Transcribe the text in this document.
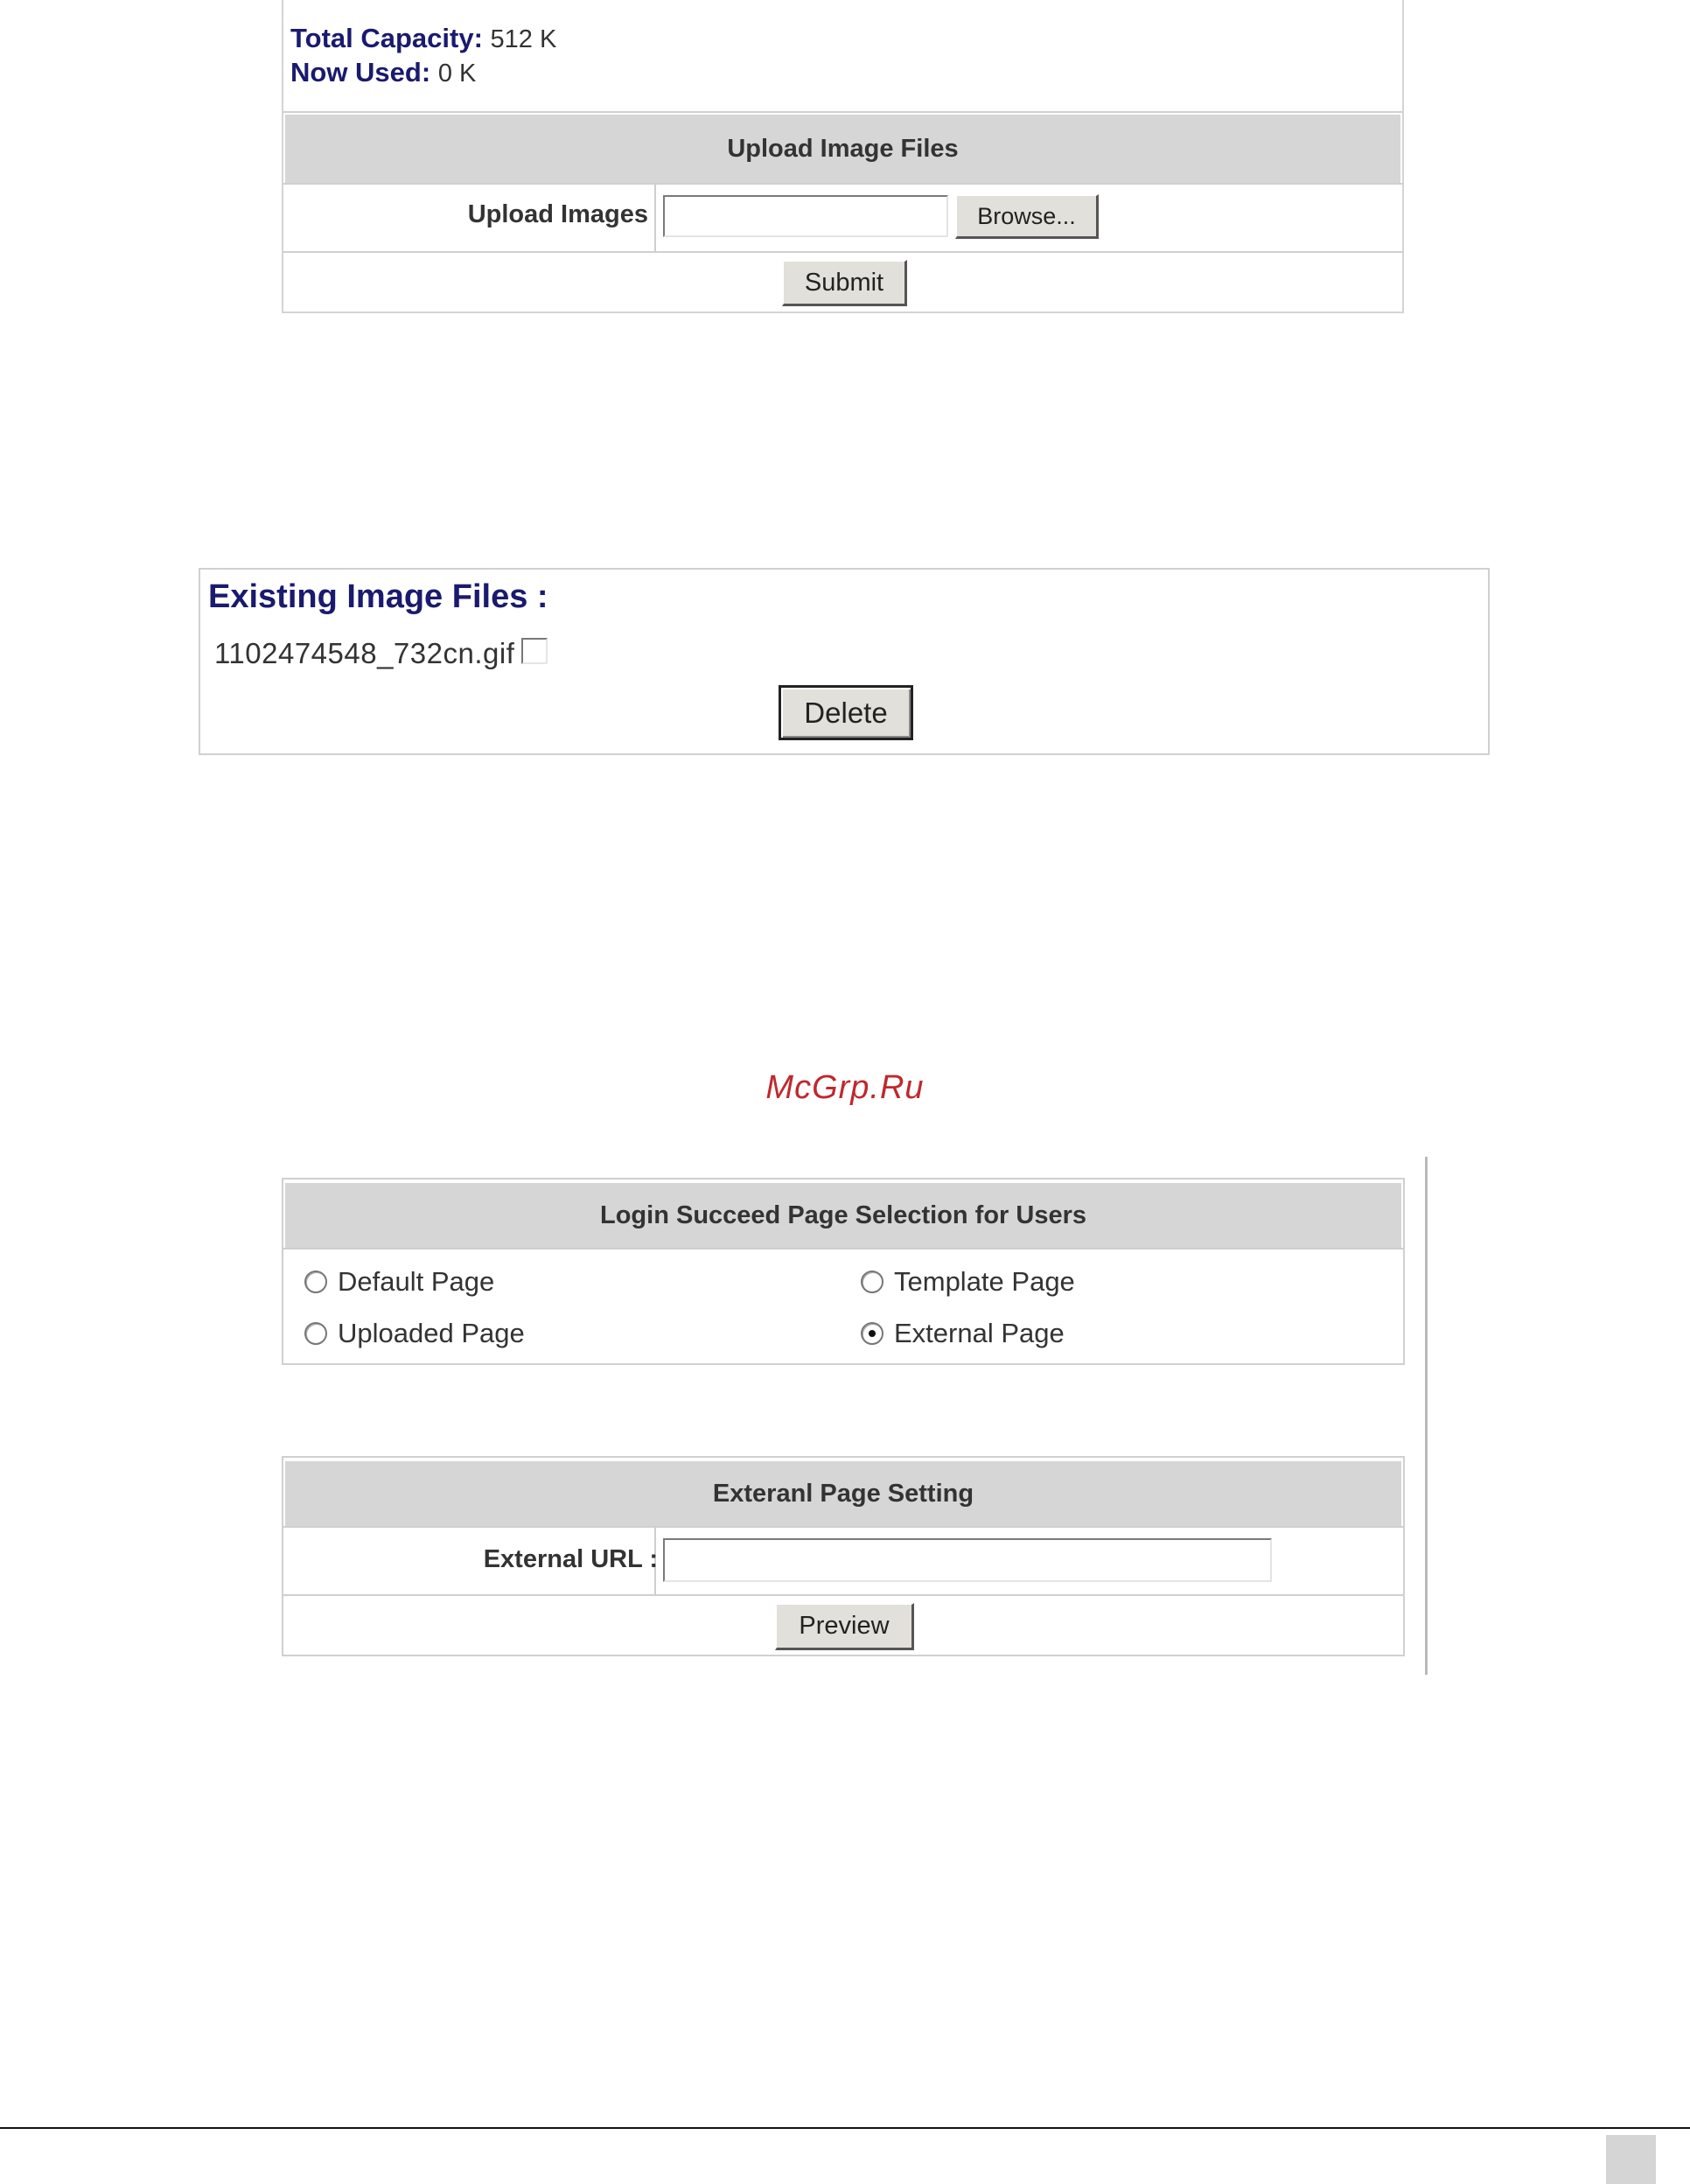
Total Capacity: 512 K
Now Used: 0 K
Upload Image Files
Upload Images	Browse...
Submit
Existing Image Files :
1102474548_732cn.gif
Delete
McGrp.Ru
Login Succeed Page Selection for Users
Default Page	Template Page
Uploaded Page	External Page
Exteranl Page Setting
External URL :
Preview
